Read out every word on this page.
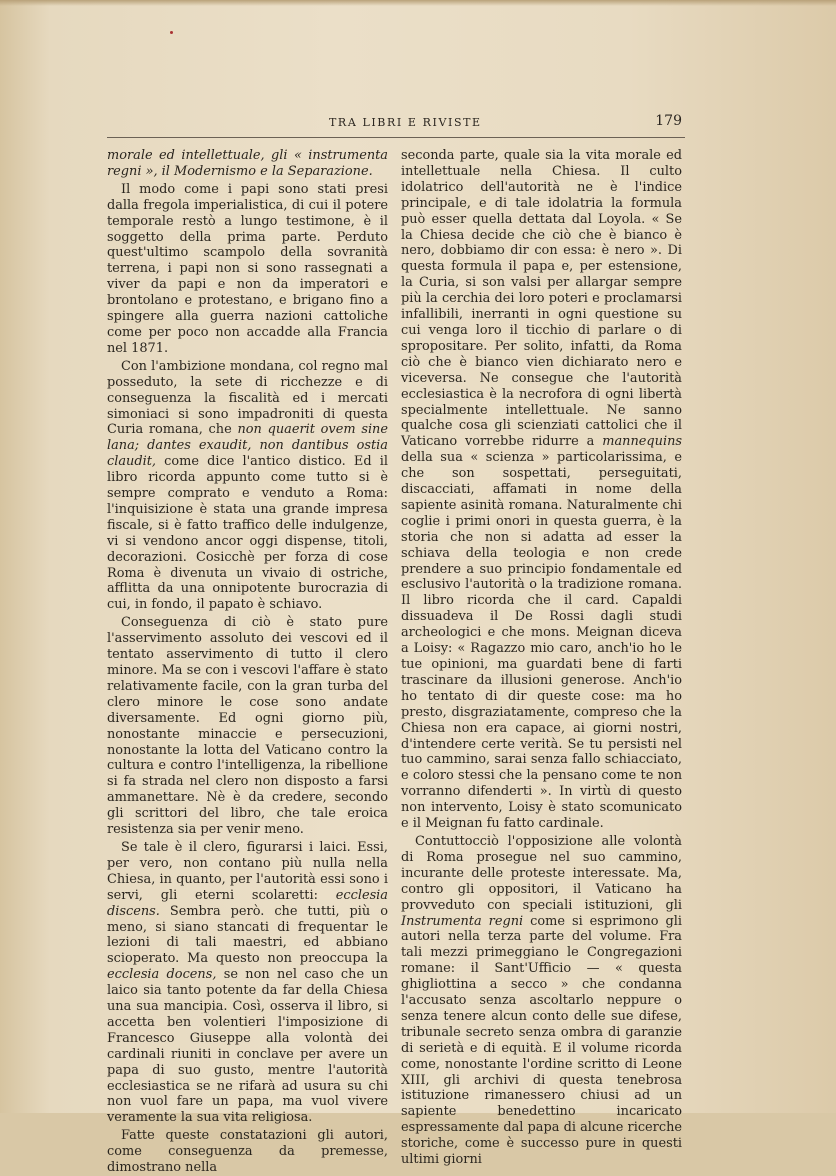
TRA LIBRI E RIVISTE	179

morale ed intellettuale, gli « instrumenta regni », il Modernismo e la Separazione.

Il modo come i papi sono stati presi dalla fregola imperialistica, di cui il potere temporale restò a lungo testimone, è il soggetto della prima parte. Perduto quest'ultimo scampolo della sovranità terrena, i papi non si sono rassegnati a viver da papi e non da imperatori e brontolano e protestano, e brigano fino a spingere alla guerra nazioni cattoliche come per poco non accadde alla Francia nel 1871.

Con l'ambizione mondana, col regno mal posseduto, la sete di ricchezze e di conseguenza la fiscalità ed i mercati simoniaci si sono impadroniti di questa Curia romana, che non quaerit ovem sine lana; dantes exaudit, non dantibus ostia claudit, come dice l'antico distico. Ed il libro ricorda appunto come tutto si è sempre comprato e venduto a Roma: l'inquisizione è stata una grande impresa fiscale, si è fatto traffico delle indulgenze, vi si vendono ancor oggi dispense, titoli, decorazioni. Cosicchè per forza di cose Roma è divenuta un vivaio di ostriche, afflitta da una onnipotente burocrazia di cui, in fondo, il papato è schiavo.

Conseguenza di ciò è stato pure l'asservimento assoluto dei vescovi ed il tentato asservimento di tutto il clero minore. Ma se con i vescovi l'affare è stato relativamente facile, con la gran turba del clero minore le cose sono andate diversamente. Ed ogni giorno più, nonostante minaccie e persecuzioni, nonostante la lotta del Vaticano contro la cultura e contro l'intelligenza, la ribellione si fa strada nel clero non disposto a farsi ammanettare. Nè è da credere, secondo gli scrittori del libro, che tale eroica resistenza sia per venir meno.

Se tale è il clero, figurarsi i laici. Essi, per vero, non contano più nulla nella Chiesa, in quanto, per l'autorità essi sono i servi, gli eterni scolaretti: ecclesia discens. Sembra però. che tutti, più o meno, si siano stancati di frequentar le lezioni di tali maestri, ed abbiano scioperato. Ma questo non preoccupa la ecclesia docens, se non nel caso che un laico sia tanto potente da far della Chiesa una sua mancipia. Così, osserva il libro, si accetta ben volentieri l'imposizione di Francesco Giuseppe alla volontà dei cardinali riuniti in conclave per avere un papa di suo gusto, mentre l'autorità ecclesiastica se ne rifarà ad usura su chi non vuol fare un papa, ma vuol vivere veramente la sua vita religiosa.

Fatte queste constatazioni gli autori, come conseguenza da premesse, dimostrano nella

seconda parte, quale sia la vita morale ed intellettuale nella Chiesa. Il culto idolatrico dell'autorità ne è l'indice principale, e di tale idolatria la formula può esser quella dettata dal Loyola. « Se la Chiesa decide che ciò che è bianco è nero, dobbiamo dir con essa: è nero ». Di questa formula il papa e, per estensione, la Curia, si son valsi per allargar sempre più la cerchia dei loro poteri e proclamarsi infallibili, inerranti in ogni questione su cui venga loro il ticchio di parlare o di spropositare. Per solito, infatti, da Roma ciò che è bianco vien dichiarato nero e viceversa. Ne consegue che l'autorità ecclesiastica è la necrofora di ogni libertà specialmente intellettuale. Ne sanno qualche cosa gli scienziati cattolici che il Vaticano vorrebbe ridurre a mannequins della sua « scienza » particolarissima, e che son sospettati, perseguitati, discacciati, affamati in nome della sapiente asinità romana. Naturalmente chi coglie i primi onori in questa guerra, è la storia che non si adatta ad esser la schiava della teologia e non crede prendere a suo principio fondamentale ed esclusivo l'autorità o la tradizione romana. Il libro ricorda che il card. Capaldi dissuadeva il De Rossi dagli studi archeologici e che mons. Meignan diceva a Loisy: « Ragazzo mio caro, anch'io ho le tue opinioni, ma guardati bene di farti trascinare da illusioni generose. Anch'io ho tentato di dir queste cose: ma ho presto, disgraziatamente, compreso che la Chiesa non era capace, ai giorni nostri, d'intendere certe verità. Se tu persisti nel tuo cammino, sarai senza fallo schiacciato, e coloro stessi che la pensano come te non vorranno difenderti ». In virtù di questo non intervento, Loisy è stato scomunicato e il Meignan fu fatto cardinale.

Contuttocciò l'opposizione alle volontà di Roma prosegue nel suo cammino, incurante delle proteste interessate. Ma, contro gli oppositori, il Vaticano ha provveduto con speciali istituzioni, gli Instrumenta regni come si esprimono gli autori nella terza parte del volume. Fra tali mezzi primeggiano le Congregazioni romane: il Sant'Ufficio — « questa ghigliottina a secco » che condanna l'accusato senza ascoltarlo neppure o senza tenere alcun conto delle sue difese, tribunale secreto senza ombra di garanzie di serietà e di equità. E il volume ricorda come, nonostante l'ordine scritto di Leone XIII, gli archivi di questa tenebrosa istituzione rimanessero chiusi ad un sapiente benedettino incaricato espressamente dal papa di alcune ricerche storiche, come è successo pure in questi ultimi giorni
